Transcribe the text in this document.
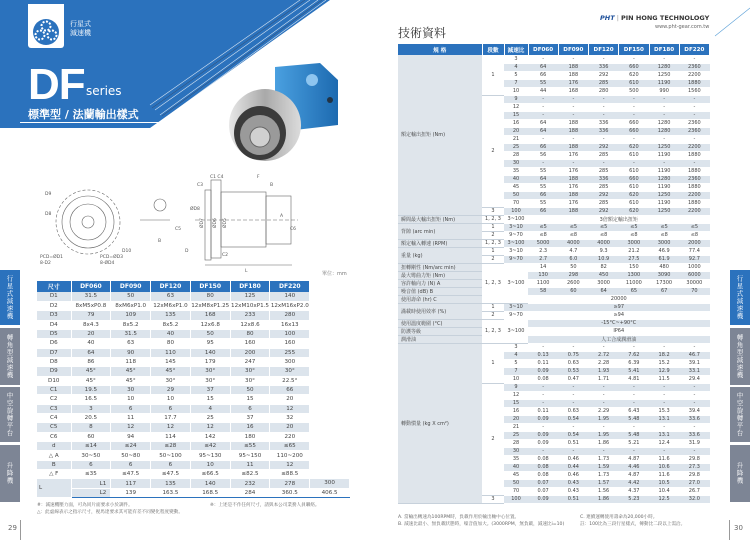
行星式
減速機
DF series
標準型 / 法蘭輸出樣式
D9
D10
D8
PCD=ØD1
8-D2
PCD=ØD3
8-ØD4
C5
B
C1 C4
C3
F
B
ØD8
ØD7	ØD6	ØD5
A
C6
C2
L
D
單位：mm
行星式減速機
轉角型減速機
中空旋轉平台
升降機
尺寸	DF060	DF090	DF120	DF150	DF180	DF220	
D1	31.5	50	63	80	125	140	
D2	8xM5xP0.8	8xM6xP1.0	12xM6xP1.0	12xM8xP1.25	12xM10xP1.5	12xM16xP2.0	
D3	79	109	135	168	233	280	
D4	8x4.3	8x5.2	8x5.2	12x6.8	12x8.6	16x13	
D5	20	31.5	40	50	80	100	
D6	40	63	80	95	160	160	
D7	64	90	110	140	200	255	
D8	86	118	145	179	247	300	
D9	45°	45°	45°	30°	30°	30°	
D10	45°	45°	30°	30°	30°	22.5°	
C1	19.5	30	29	37	50	66	
C2	16.5	10	10	15	15	20	
C3	3	6	6	4	6	12	
C4	20.5	11	17.7	25	37	32	
C5	8	12	12	12	16	20	
C6	60	94	114	142	180	220	
d	≤14	≤24	≤28	≤42	≤55	≤65	
△ A	30~50	50~80	50~100	95~130	95~150	110~200	
B	6	6	6	10	11	12	
△ F	≤35	≤47.5	≤47.5	≤66.5	≤82.5	≤88.5	
L	L1	117	135	140	232	278	300
	L2	139	163.5	168.5	284	360.5	406.5
#：減速機壓力面，可為同片面要求小於調件。
△：此虛線表示之指示尺寸，視馬達要求其可能有差不同變化程度變動。
※：上述是不作任何尺寸，請與本公司業務人員聯絡。
29
技術資料
PHT | PIN HONG TECHNOLOGY
www.pht-gear.com.tw
規 格	段數	減速比	DF060	DF090	DF120	DF150	DF180	DF220
額定輸出扭矩 (Nm)	1	3	-	-	-	-	-	-
		4	64	188	336	660	1280	2360
		5	66	188	292	620	1250	2200
		7	55	176	285	610	1190	1880
		10	44	168	280	500	990	1560
	2	9	-	-	-	-	-	-
		12	-	-	-	-	-	-
		15	-	-	-	-	-	-
		16	64	188	336	660	1280	2360
		20	64	188	336	660	1280	2360
		21	-	-	-	-	-	-
		25	66	188	292	620	1250	2200
		28	56	176	285	610	1190	1880
		30	-	-	-	-	-	-
		35	55	176	285	610	1190	1880
		40	64	188	336	660	1280	2360
		45	55	176	285	610	1190	1880
		50	66	188	292	620	1250	2200
		70	55	176	285	610	1190	1880
	3	100	66	188	292	620	1250	2200
瞬間最大輸出扭矩 (Nm)	1, 2, 3	3~100	3倍額定輸出扭矩					
背隙 (arc min)	1	3~10	≤5	≤5	≤5	≤5	≤5	≤5
	2	9~70	≤8	≤8	≤8	≤8	≤8	≤8
額定輸入轉速 (RPM)	1, 2, 3	3~100	5000	4000	4000	3000	3000	2000
重量 (kg)	1	3~10	2.3	4.7	9.3	21.2	46.9	77.4
	2	9~70	2.7	6.0	10.9	27.5	61.9	92.7
扭轉剛性 (Nm/arc min)	1, 2, 3	3~100	14	50	82	150	480	1000
最大彎曲力矩 (Nm)			130	298	450	1300	3090	6000
容許軸向力 (N) A			1100	2600	3000	11000	17300	30000
噪音值 (dB) B			58	60	64	65	67	70
使用壽命 (hr) C			20000					
滿載時使用效率 (%)	1	3~10	≥97					
	2	9~70	≥94					
使用溫度範圍 (°C)	1, 2, 3	3~100	-15°C~+90°C					
防護等級			IP64					
潤滑油			人工合成潤滑油					
轉動慣量 (kg X cm²)	1	3	-	-	-	-	-	-
		4	0.13	0.75	2.72	7.62	18.2	46.7
		5	0.11	0.63	2.28	6.39	15.2	39.1
		7	0.09	0.53	1.93	5.41	12.9	33.1
		10	0.08	0.47	1.71	4.81	11.5	29.4
	2	9	-	-	-	-	-	-
		12	-	-	-	-	-	-
		15	-	-	-	-	-	-
		16	0.11	0.63	2.29	6.43	15.3	39.4
		20	0.09	0.54	1.95	5.48	13.1	33.6
		21	-	-	-	-	-	-
		25	0.09	0.54	1.95	5.48	13.1	33.6
		28	0.09	0.51	1.86	5.21	12.4	31.9
		30	-	-	-	-	-	-
		35	0.08	0.46	1.73	4.87	11.6	29.8
		40	0.08	0.44	1.59	4.46	10.6	27.3
		45	0.08	0.46	1.73	4.87	11.6	29.8
		50	0.07	0.43	1.57	4.42	10.5	27.0
		70	0.07	0.43	1.56	4.37	10.4	26.7
	3	100	0.09	0.51	1.86	5.23	12.5	32.0
A. 當輸出轉速為100RPM時，負載作用於輸出軸中心位置。
B. 減速比最小、無負載狀態時，噪音值加大。(3000RPM，無負載，減速比i=10)
C. 連續運轉使用壽命為20,000小時。
註：100比為三段行星樣式，傳動比二段以上需洽。
行星式減速機
轉角型減速機
中空旋轉平台
升降機
30
